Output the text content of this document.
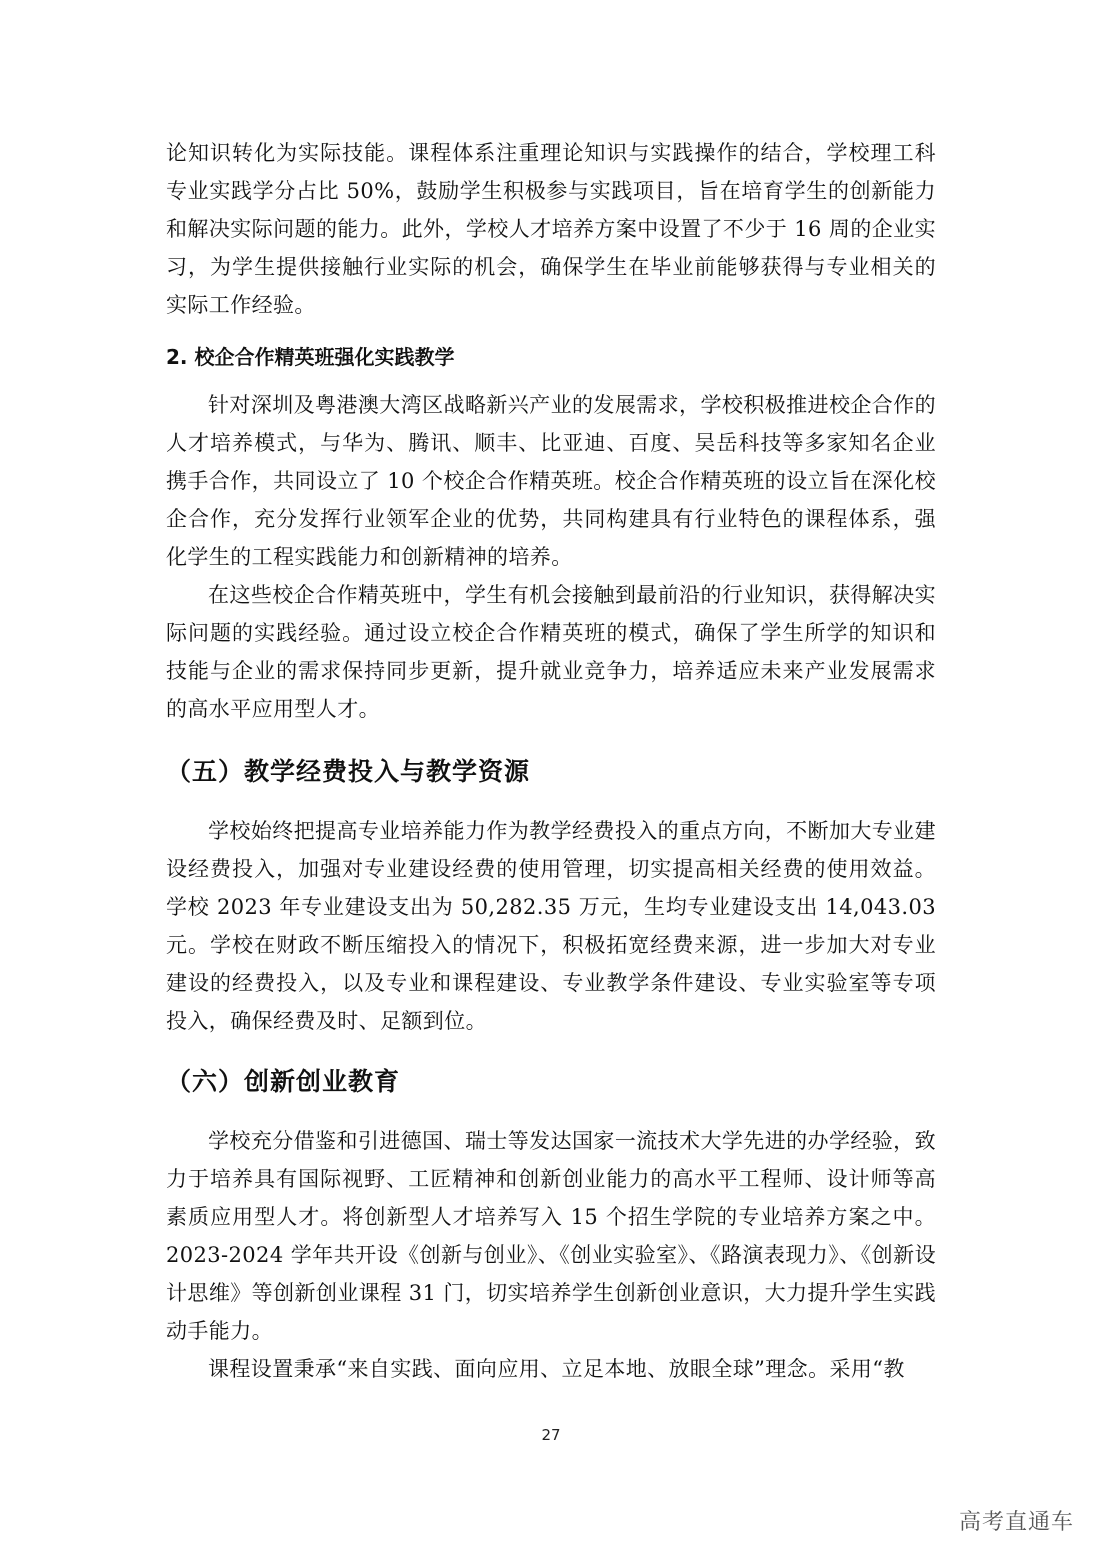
论知识转化为实际技能。课程体系注重理论知识与实践操作的结合，学校理工科专业实践学分占比 50%，鼓励学生积极参与实践项目，旨在培育学生的创新能力和解决实际问题的能力。此外，学校人才培养方案中设置了不少于 16 周的企业实习，为学生提供接触行业实际的机会，确保学生在毕业前能够获得与专业相关的实际工作经验。

2. 校企合作精英班强化实践教学

针对深圳及粤港澳大湾区战略新兴产业的发展需求，学校积极推进校企合作的人才培养模式，与华为、腾讯、顺丰、比亚迪、百度、吴岳科技等多家知名企业携手合作，共同设立了 10 个校企合作精英班。校企合作精英班的设立旨在深化校企合作，充分发挥行业领军企业的优势，共同构建具有行业特色的课程体系，强化学生的工程实践能力和创新精神的培养。

在这些校企合作精英班中，学生有机会接触到最前沿的行业知识，获得解决实际问题的实践经验。通过设立校企合作精英班的模式，确保了学生所学的知识和技能与企业的需求保持同步更新，提升就业竞争力，培养适应未来产业发展需求的高水平应用型人才。

（五）教学经费投入与教学资源

学校始终把提高专业培养能力作为教学经费投入的重点方向，不断加大专业建设经费投入，加强对专业建设经费的使用管理，切实提高相关经费的使用效益。学校 2023 年专业建设支出为 50,282.35 万元，生均专业建设支出 14,043.03 元。学校在财政不断压缩投入的情况下，积极拓宽经费来源，进一步加大对专业建设的经费投入，以及专业和课程建设、专业教学条件建设、专业实验室等专项投入，确保经费及时、足额到位。

（六）创新创业教育

学校充分借鉴和引进德国、瑞士等发达国家一流技术大学先进的办学经验，致力于培养具有国际视野、工匠精神和创新创业能力的高水平工程师、设计师等高素质应用型人才。将创新型人才培养写入 15 个招生学院的专业培养方案之中。2023-2024 学年共开设《创新与创业》、《创业实验室》、《路演表现力》、《创新设计思维》等创新创业课程 31 门，切实培养学生创新创业意识，大力提升学生实践动手能力。

课程设置秉承“来自实践、面向应用、立足本地、放眼全球”理念。采用“教

27
高考直通车
